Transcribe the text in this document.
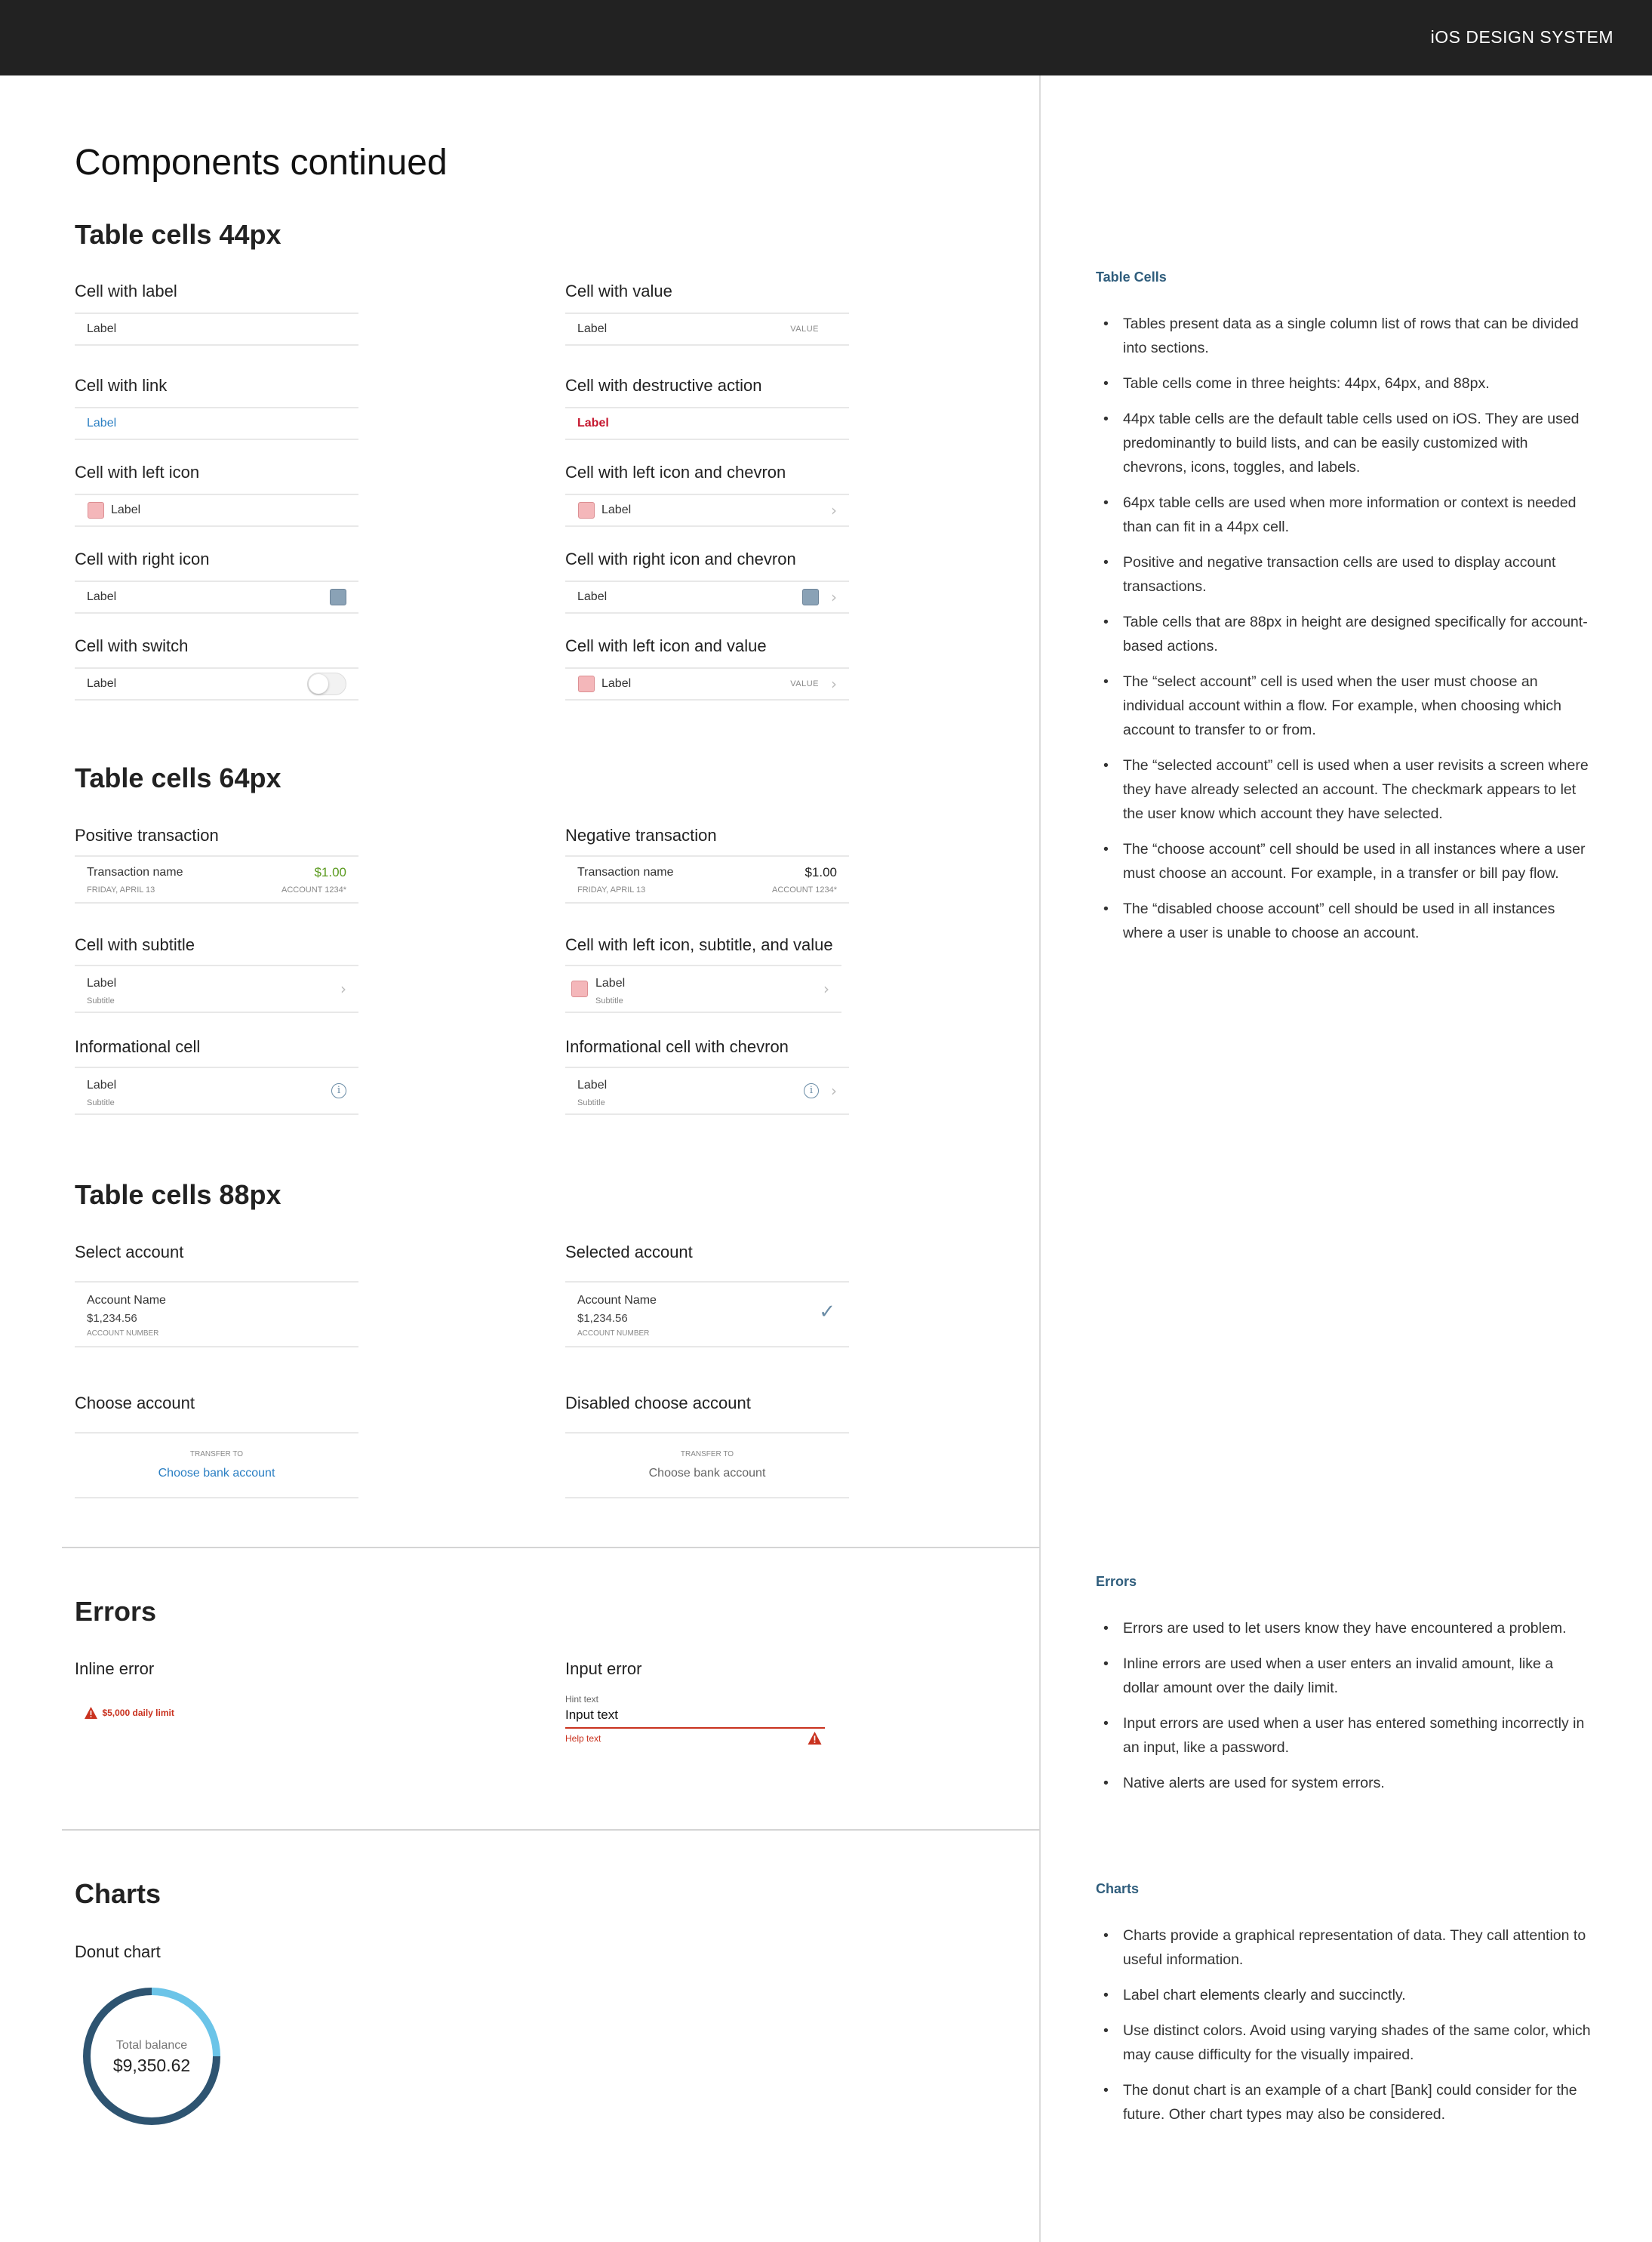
iOS DESIGN SYSTEM
Components continued
Table cells 44px
Cell with label
Label
Cell with value
Label	VALUE
Cell with link
Label
Cell with destructive action
Label
Cell with left icon
Label
Cell with left icon and chevron
Label	›
Cell with right icon
Label
Cell with right icon and chevron
Label	›
Cell with switch
Label
Cell with left icon and value
Label	VALUE ›
Table cells 64px
Positive transaction
Transaction name	$1.00
FRIDAY, APRIL 13	ACCOUNT 1234*
Negative transaction
Transaction name	$1.00
FRIDAY, APRIL 13	ACCOUNT 1234*
Cell with subtitle
Label
Subtitle
›
Cell with left icon, subtitle, and value
Label
Subtitle
›
Informational cell
Label
Subtitle
i
Informational cell with chevron
Label
Subtitle
i	›
Table cells 88px
Select account
Account Name
$1,234.56
ACCOUNT NUMBER
Selected account
Account Name
$1,234.56
ACCOUNT NUMBER
✓
Choose account
TRANSFER TO
Choose bank account
Disabled choose account
TRANSFER TO
Choose bank account
Errors
Inline error
$5,000 daily limit
Input error
Hint text
Input text
Help text
Charts
Donut chart
Total balance
$9,350.62
Table Cells
• Tables present data as a single column list of rows that can be divided into sections.
• Table cells come in three heights: 44px, 64px, and 88px.
• 44px table cells are the default table cells used on iOS. They are used predominantly to build lists, and can be easily customized with chevrons, icons, toggles, and labels.
• 64px table cells are used when more information or context is needed than can fit in a 44px cell.
• Positive and negative transaction cells are used to display account transactions.
• Table cells that are 88px in height are designed specifically for account-based actions.
• The “select account” cell is used when the user must choose an individual account within a flow. For example, when choosing which account to transfer to or from.
• The “selected account” cell is used when a user revisits a screen where they have already selected an account. The checkmark appears to let the user know which account they have selected.
• The “choose account” cell should be used in all instances where a user must choose an account. For example, in a transfer or bill pay flow.
• The “disabled choose account” cell should be used in all instances where a user is unable to choose an account.
Errors
• Errors are used to let users know they have encountered a problem.
• Inline errors are used when a user enters an invalid amount, like a dollar amount over the daily limit.
• Input errors are used when a user has entered something incorrectly in an input, like a password.
• Native alerts are used for system errors.
Charts
• Charts provide a graphical representation of data. They call attention to useful information.
• Label chart elements clearly and succinctly.
• Use distinct colors. Avoid using varying shades of the same color, which may cause difficulty for the visually impaired.
• The donut chart is an example of a chart [Bank] could consider for the future. Other chart types may also be considered.
